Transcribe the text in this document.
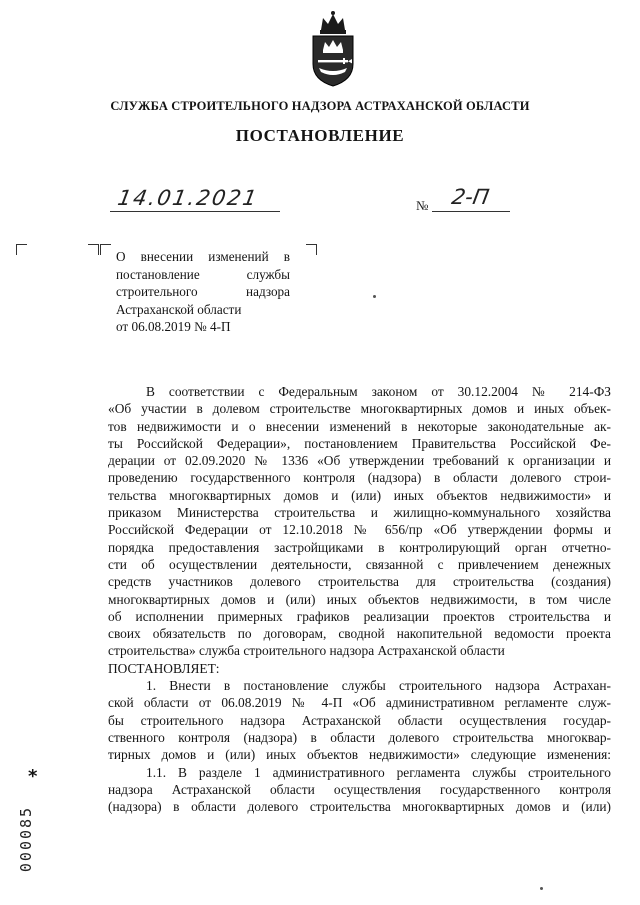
СЛУЖБА СТРОИТЕЛЬНОГО НАДЗОРА АСТРАХАНСКОЙ ОБЛАСТИ
ПОСТАНОВЛЕНИЕ
14.01.2021	№ 2-П
О внесении изменений в
постановление службы
строительного надзора
Астраханской области
от 06.08.2019 № 4-П
В соответствии с Федеральным законом от 30.12.2004 № 214-ФЗ
«Об участии в долевом строительстве многоквартирных домов и иных объек-
тов недвижимости и о внесении изменений в некоторые законодательные ак-
ты Российской Федерации», постановлением Правительства Российской Фе-
дерации от 02.09.2020 № 1336 «Об утверждении требований к организации и
проведению государственного контроля (надзора) в области долевого строи-
тельства многоквартирных домов и (или) иных объектов недвижимости» и
приказом Министерства строительства и жилищно-коммунального хозяйства
Российской Федерации от 12.10.2018 № 656/пр «Об утверждении формы и
порядка предоставления застройщиками в контролирующий орган отчетно-
сти об осуществлении деятельности, связанной с привлечением денежных
средств участников долевого строительства для строительства (создания)
многоквартирных домов и (или) иных объектов недвижимости, в том числе
об исполнении примерных графиков реализации проектов строительства и
своих обязательств по договорам, сводной накопительной ведомости проекта
строительства» служба строительного надзора Астраханской области
ПОСТАНОВЛЯЕТ:
1. Внести в постановление службы строительного надзора Астрахан-
ской области от 06.08.2019 № 4-П «Об административном регламенте служ-
бы строительного надзора Астраханской области осуществления государ-
ственного контроля (надзора) в области долевого строительства многоквар-
тирных домов и (или) иных объектов недвижимости» следующие изменения:
1.1. В разделе 1 административного регламента службы строительного
надзора Астраханской области осуществления государственного контроля
(надзора) в области долевого строительства многоквартирных домов и (или)
*
000085
